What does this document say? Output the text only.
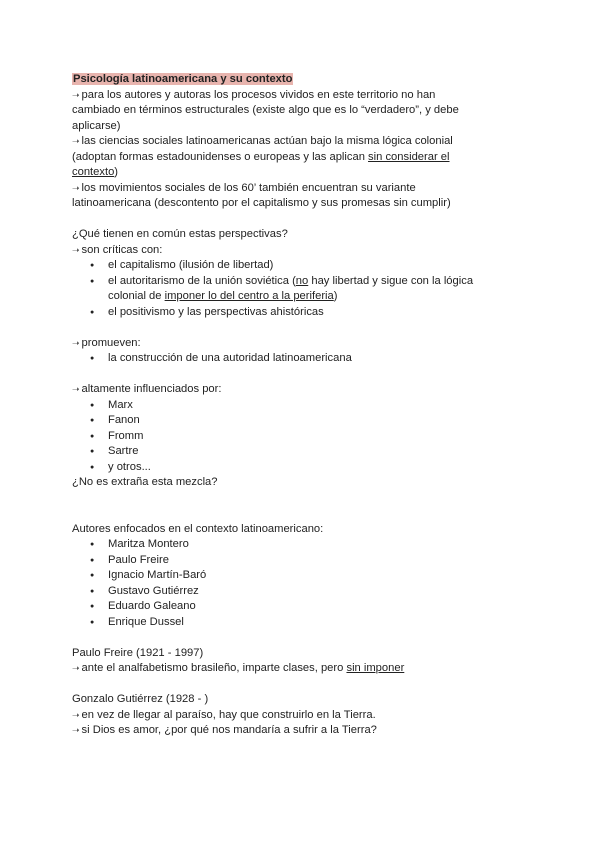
Psicología latinoamericana y su contexto
➝ para los autores y autoras los procesos vividos en este territorio no han
cambiado en términos estructurales (existe algo que es lo “verdadero”, y debe
aplicarse)
➝ las ciencias sociales latinoamericanas actúan bajo la misma lógica colonial
(adoptan formas estadounidenses o europeas y las aplican sin considerar el
contexto)
➝ los movimientos sociales de los 60’ también encuentran su variante
latinoamericana (descontento por el capitalismo y sus promesas sin cumplir)
¿Qué tienen en común estas perspectivas?
➝ son críticas con:
● el capitalismo (ilusión de libertad)
● el autoritarismo de la unión soviética (no hay libertad y sigue con la lógica
colonial de imponer lo del centro a la periferia)
● el positivismo y las perspectivas ahistóricas
➝ promueven:
● la construcción de una autoridad latinoamericana
➝ altamente influenciados por:
● Marx
● Fanon
● Fromm
● Sartre
● y otros...
¿No es extraña esta mezcla?
Autores enfocados en el contexto latinoamericano:
● Maritza Montero
● Paulo Freire
● Ignacio Martín-Baró
● Gustavo Gutiérrez
● Eduardo Galeano
● Enrique Dussel
Paulo Freire (1921 - 1997)
➝ ante el analfabetismo brasileño, imparte clases, pero sin imponer
Gonzalo Gutiérrez (1928 - )
➝ en vez de llegar al paraíso, hay que construirlo en la Tierra.
➝ si Dios es amor, ¿por qué nos mandaría a sufrir a la Tierra?
